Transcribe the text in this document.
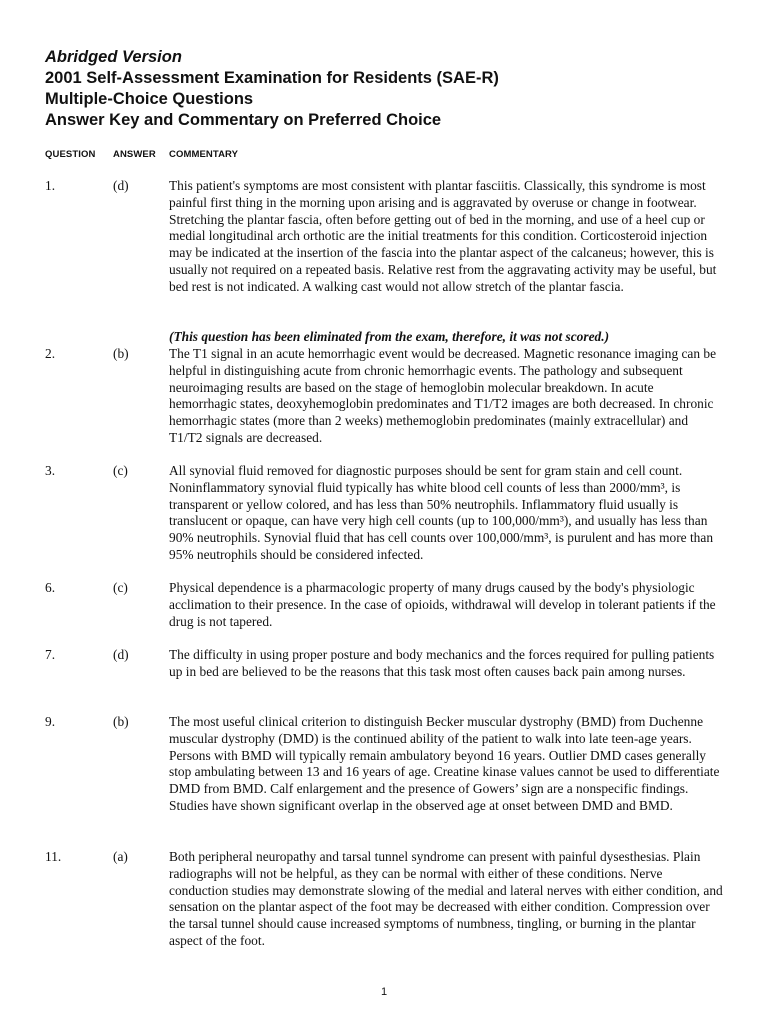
Abridged Version
2001 Self-Assessment Examination for Residents (SAE-R)
Multiple-Choice Questions
Answer Key and Commentary on Preferred Choice
QUESTION ANSWER COMMENTARY
1.	(d)	This patient's symptoms are most consistent with plantar fasciitis. Classically, this syndrome is most painful first thing in the morning upon arising and is aggravated by overuse or change in footwear. Stretching the plantar fascia, often before getting out of bed in the morning, and use of a heel cup or medial longitudinal arch orthotic are the initial treatments for this condition. Corticosteroid injection may be indicated at the insertion of the fascia into the plantar aspect of the calcaneus; however, this is usually not required on a repeated basis. Relative rest from the aggravating activity may be useful, but bed rest is not indicated. A walking cast would not allow stretch of the plantar fascia.
(This question has been eliminated from the exam, therefore, it was not scored.)
2.	(b)	The T1 signal in an acute hemorrhagic event would be decreased. Magnetic resonance imaging can be helpful in distinguishing acute from chronic hemorrhagic events. The pathology and subsequent neuroimaging results are based on the stage of hemoglobin molecular breakdown. In acute hemorrhagic states, deoxyhemoglobin predominates and T1/T2 images are both decreased. In chronic hemorrhagic states (more than 2 weeks) methemoglobin predominates (mainly extracellular) and T1/T2 signals are decreased.
3.	(c)	All synovial fluid removed for diagnostic purposes should be sent for gram stain and cell count. Noninflammatory synovial fluid typically has white blood cell counts of less than 2000/mm³, is transparent or yellow colored, and has less than 50% neutrophils. Inflammatory fluid usually is translucent or opaque, can have very high cell counts (up to 100,000/mm³), and usually has less than 90% neutrophils. Synovial fluid that has cell counts over 100,000/mm³, is purulent and has more than 95% neutrophils should be considered infected.
6.	(c)	Physical dependence is a pharmacologic property of many drugs caused by the body's physiologic acclimation to their presence. In the case of opioids, withdrawal will develop in tolerant patients if the drug is not tapered.
7.	(d)	The difficulty in using proper posture and body mechanics and the forces required for pulling patients up in bed are believed to be the reasons that this task most often causes back pain among nurses.
9.	(b)	The most useful clinical criterion to distinguish Becker muscular dystrophy (BMD) from Duchenne muscular dystrophy (DMD) is the continued ability of the patient to walk into late teen-age years. Persons with BMD will typically remain ambulatory beyond 16 years. Outlier DMD cases generally stop ambulating between 13 and 16 years of age. Creatine kinase values cannot be used to differentiate DMD from BMD. Calf enlargement and the presence of Gowers’ sign are a nonspecific findings. Studies have shown significant overlap in the observed age at onset between DMD and BMD.
11.	(a)	Both peripheral neuropathy and tarsal tunnel syndrome can present with painful dysesthesias. Plain radiographs will not be helpful, as they can be normal with either of these conditions. Nerve conduction studies may demonstrate slowing of the medial and lateral nerves with either condition, and sensation on the plantar aspect of the foot may be decreased with either condition. Compression over the tarsal tunnel should cause increased symptoms of numbness, tingling, or burning in the plantar aspect of the foot.
1
